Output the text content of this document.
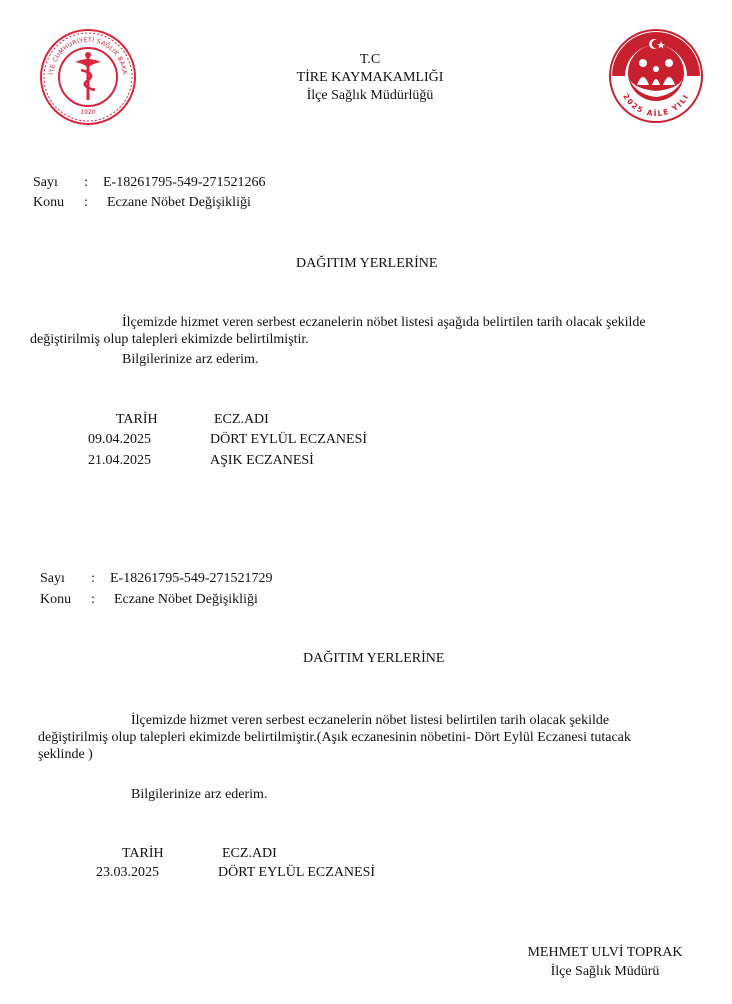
İYE CUMHURİYETİ SAĞLIK BAKA
1920
2025 AİLE YILI
T.C
TİRE KAYMAKAMLIĞI
İlçe Sağlık Müdürlüğü
Sayı : E-18261795-549-271521266
Konu : Eczane Nöbet Değişikliği
DAĞITIM YERLERİNE
İlçemizde hizmet veren serbest eczanelerin nöbet listesi aşağıda belirtilen tarih olacak şekilde
değiştirilmiş olup talepleri ekimizde belirtilmiştir.
Bilgilerinize arz ederim.
TARİH	ECZ.ADI
09.04.2025	DÖRT EYLÜL ECZANESİ
21.04.2025	AŞIK ECZANESİ
Sayı : E-18261795-549-271521729
Konu : Eczane Nöbet Değişikliği
DAĞITIM YERLERİNE
İlçemizde hizmet veren serbest eczanelerin nöbet listesi belirtilen tarih olacak şekilde
değiştirilmiş olup talepleri ekimizde belirtilmiştir.(Aşık eczanesinin nöbetini- Dört Eylül Eczanesi tutacak
şeklinde )
Bilgilerinize arz ederim.
TARİH	ECZ.ADI
23.03.2025	DÖRT EYLÜL ECZANESİ
MEHMET ULVİ TOPRAK
İlçe Sağlık Müdürü
